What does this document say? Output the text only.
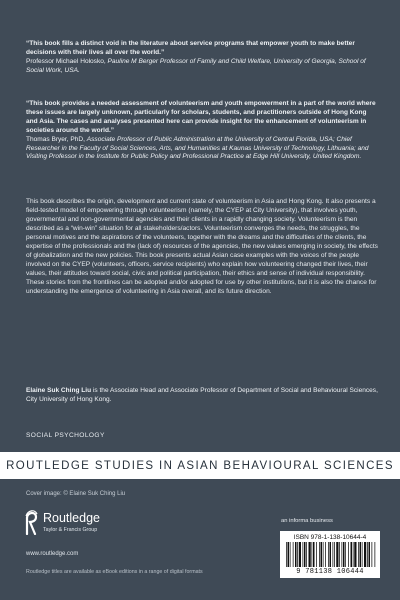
“This book fills a distinct void in the literature about service programs that empower youth to make better decisions with their lives all over the world.”
Professor Michael Holosko, Pauline M Berger Professor of Family and Child Welfare, University of Georgia, School of Social Work, USA.

“This book provides a needed assessment of volunteerism and youth empowerment in a part of the world where these issues are largely unknown, particularly for scholars, students, and practitioners outside of Hong Kong and Asia. The cases and analyses presented here can provide insight for the enhancement of volunteerism in societies around the world.”
Thomas Bryer, PhD, Associate Professor of Public Administration at the University of Central Florida, USA; Chief Researcher in the Faculty of Social Sciences, Arts, and Humanities at Kaunas University of Technology, Lithuania; and Visiting Professor in the Institute for Public Policy and Professional Practice at Edge Hill University, United Kingdom.

This book describes the origin, development and current state of volunteerism in Asia and Hong Kong. It also presents a field-tested model of empowering through volunteerism (namely, the CYEP at City University), that involves youth, governmental and non-governmental agencies and their clients in a rapidly changing society. Volunteerism is then described as a “win-win” situation for all stakeholders/actors. Volunteerism converges the needs, the struggles, the personal motives and the aspirations of the volunteers, together with the dreams and the difficulties of the clients, the expertise of the professionals and the (lack of) resources of the agencies, the new values emerging in society, the effects of globalization and the new policies. This book presents actual Asian case examples with the voices of the people involved on the CYEP (volunteers, officers, service recipients) who explain how volunteering changed their lives, their values, their attitudes toward social, civic and political participation, their ethics and sense of individual responsibility. These stories from the frontlines can be adopted and/or adopted for use by other institutions, but it is also the chance for understanding the emergence of volunteering in Asia overall, and its future direction.

Elaine Suk Ching Liu is the Associate Head and Associate Professor of Department of Social and Behavioural Sciences, City University of Hong Kong.

SOCIAL PSYCHOLOGY
ROUTLEDGE STUDIES IN ASIAN BEHAVIOURAL SCIENCES
Cover image: © Elaine Suk Ching Liu
Routledge
Taylor & Francis Group
www.routledge.com
Routledge titles are available as eBook editions in a range of digital formats
an informa business
ISBN 978-1-138-10644-4
9 781138 106444
